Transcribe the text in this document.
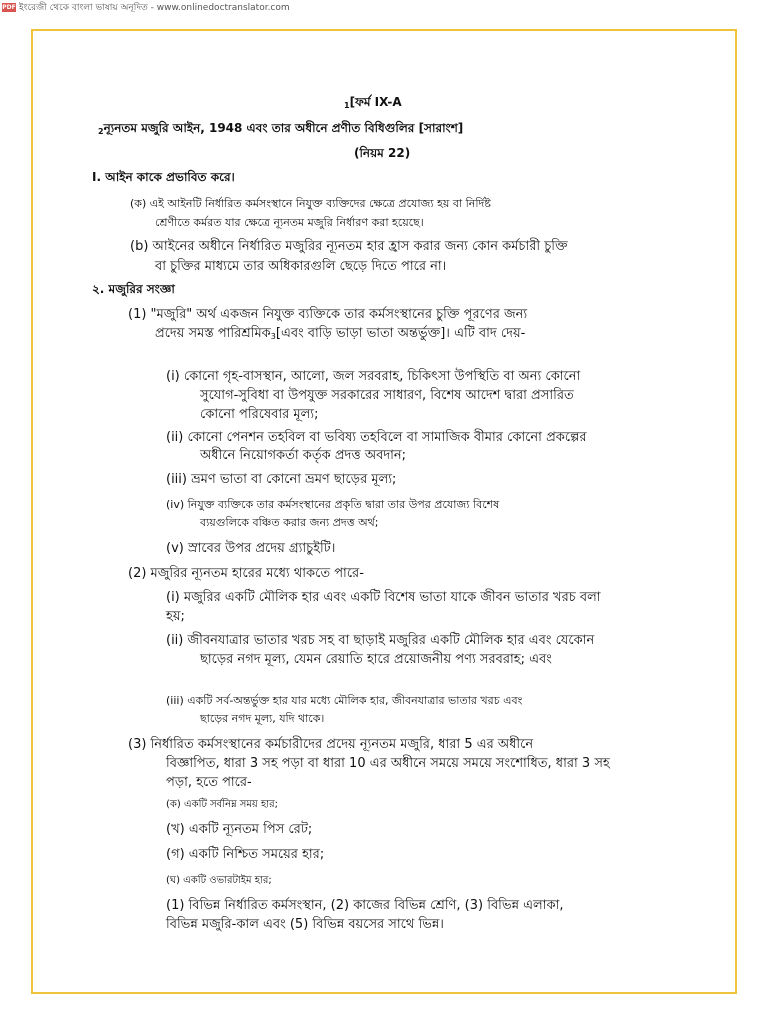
PDF ইংরেজী থেকে বাংলা ভাষায় অনূদিত - www.onlinedoctranslator.com
1[ফর্ম IX-A
2ন্যূনতম মজুরি আইন, 1948 এবং তার অধীনে প্রণীত বিধিগুলির [সারাংশ]
(নিয়ম 22)
I. আইন কাকে প্রভাবিত করে।
(ক) এই আইনটি নির্ধারিত কর্মসংস্থানে নিযুক্ত ব্যক্তিদের ক্ষেত্রে প্রযোজ্য হয় বা নির্দিষ্ট
শ্রেণীতে কর্মরত যার ক্ষেত্রে ন্যূনতম মজুরি নির্ধারণ করা হয়েছে।
(b) আইনের অধীনে নির্ধারিত মজুরির ন্যূনতম হার হ্রাস করার জন্য কোন কর্মচারী চুক্তি
বা চুক্তির মাধ্যমে তার অধিকারগুলি ছেড়ে দিতে পারে না।
২. মজুরির সংজ্ঞা
(1) "মজুরি" অর্থ একজন নিযুক্ত ব্যক্তিকে তার কর্মসংস্থানের চুক্তি পূরণের জন্য
প্রদেয় সমস্ত পারিশ্রমিক3[এবং বাড়ি ভাড়া ভাতা অন্তর্ভুক্ত]। এটি বাদ দেয়-
(i) কোনো গৃহ-বাসস্থান, আলো, জল সরবরাহ, চিকিৎসা উপস্থিতি বা অন্য কোনো
সুযোগ-সুবিধা বা উপযুক্ত সরকারের সাধারণ, বিশেষ আদেশ দ্বারা প্রসারিত
কোনো পরিষেবার মূল্য;
(ii) কোনো পেনশন তহবিল বা ভবিষ্য তহবিলে বা সামাজিক বীমার কোনো প্রকল্পের
অধীনে নিয়োগকর্তা কর্তৃক প্রদত্ত অবদান;
(iii) ভ্রমণ ভাতা বা কোনো ভ্রমণ ছাড়ের মূল্য;
(iv) নিযুক্ত ব্যক্তিকে তার কর্মসংস্থানের প্রকৃতি দ্বারা তার উপর প্রযোজ্য বিশেষ
ব্যয়গুলিকে বঞ্চিত করার জন্য প্রদত্ত অর্থ;
(v) স্রাবের উপর প্রদেয় গ্র্যাচুইটি।
(2) মজুরির ন্যূনতম হারের মধ্যে থাকতে পারে-
(i) মজুরির একটি মৌলিক হার এবং একটি বিশেষ ভাতা যাকে জীবন ভাতার খরচ বলা
হয়;
(ii) জীবনযাত্রার ভাতার খরচ সহ বা ছাড়াই মজুরির একটি মৌলিক হার এবং যেকোন
ছাড়ের নগদ মূল্য, যেমন রেয়াতি হারে প্রয়োজনীয় পণ্য সরবরাহ; এবং
(iii) একটি সর্ব-অন্তর্ভুক্ত হার যার মধ্যে মৌলিক হার, জীবনযাত্রার ভাতার খরচ এবং
ছাড়ের নগদ মূল্য, যদি থাকে।
(3) নির্ধারিত কর্মসংস্থানের কর্মচারীদের প্রদেয় ন্যূনতম মজুরি, ধারা 5 এর অধীনে
বিজ্ঞাপিত, ধারা 3 সহ পড়া বা ধারা 10 এর অধীনে সময়ে সময়ে সংশোধিত, ধারা 3 সহ
পড়া, হতে পারে-
(ক) একটি সর্বনিম্ন সময় হার;
(খ) একটি ন্যূনতম পিস রেট;
(গ) একটি নিশ্চিত সময়ের হার;
(ঘ) একটি ওভারটাইম হার;
(1) বিভিন্ন নির্ধারিত কর্মসংস্থান, (2) কাজের বিভিন্ন শ্রেণি, (3) বিভিন্ন এলাকা,
বিভিন্ন মজুরি-কাল এবং (5) বিভিন্ন বয়সের সাথে ভিন্ন।
